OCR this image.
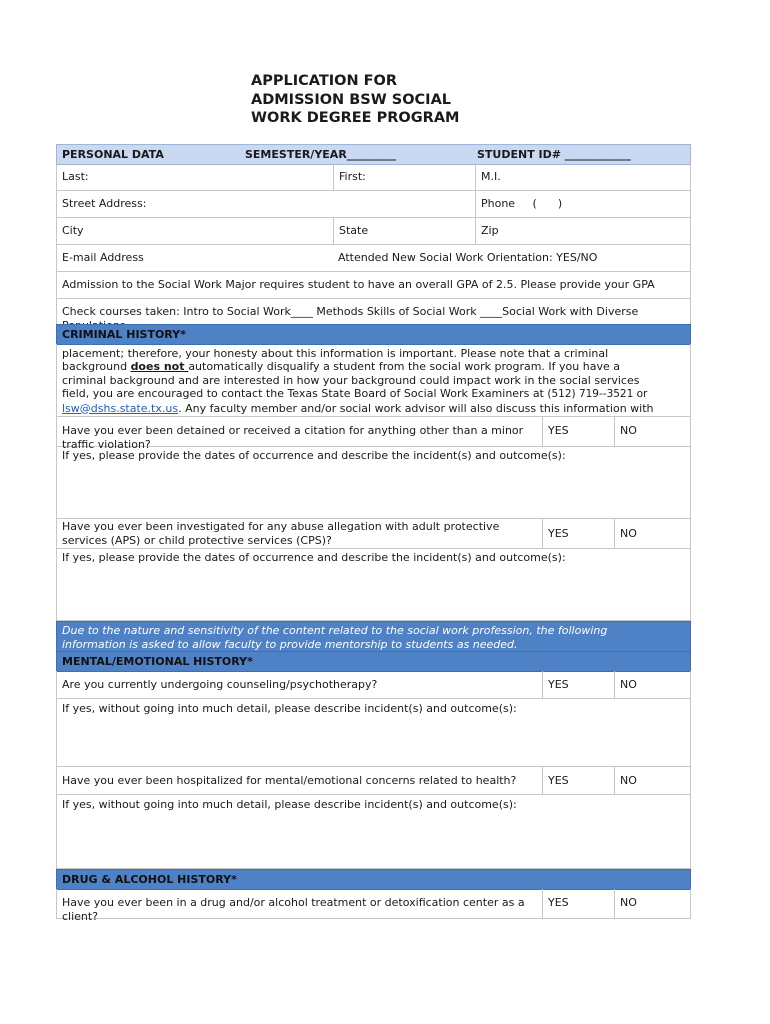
APPLICATION FOR
ADMISSION BSW SOCIAL
WORK DEGREE PROGRAM
PERSONAL DATA	SEMESTER/YEAR_________	STUDENT ID# ____________
Last:	First:	M.I.
Street Address:	Phone     (      )
City	State	Zip
E-mail Address	Attended New Social Work Orientation: YES/NO
Admission to the Social Work Major requires student to have an overall GPA of 2.5. Please provide your GPA
Check courses taken: Intro to Social Work____ Methods Skills of Social Work ____Social Work with Diverse
CRIMINAL HISTORY*
placement; therefore, your honesty about this information is important. Please note that a criminal
background does not automatically disqualify a student from the social work program. If you have a
criminal background and are interested in how your background could impact work in the social services
field, you are encouraged to contact the Texas State Board of Social Work Examiners at (512) 719--3521 or
lsw@dshs.state.tx.us. Any faculty member and/or social work advisor will also discuss this information with
Have you ever been detained or received a citation for anything other than a minor
traffic violation?
YES	NO
If yes, please provide the dates of occurrence and describe the incident(s) and outcome(s):
Have you ever been investigated for any abuse allegation with adult protective
services (APS) or child protective services (CPS)?	YES	NO
If yes, please provide the dates of occurrence and describe the incident(s) and outcome(s):
Due to the nature and sensitivity of the content related to the social work profession, the following
information is asked to allow faculty to provide mentorship to students as needed.
MENTAL/EMOTIONAL HISTORY*
Are you currently undergoing counseling/psychotherapy?	YES	NO
If yes, without going into much detail, please describe incident(s) and outcome(s):
Have you ever been hospitalized for mental/emotional concerns related to health?	YES	NO
If yes, without going into much detail, please describe incident(s) and outcome(s):
DRUG & ALCOHOL HISTORY*
Have you ever been in a drug and/or alcohol treatment or detoxification center as a
client?
YES	NO
